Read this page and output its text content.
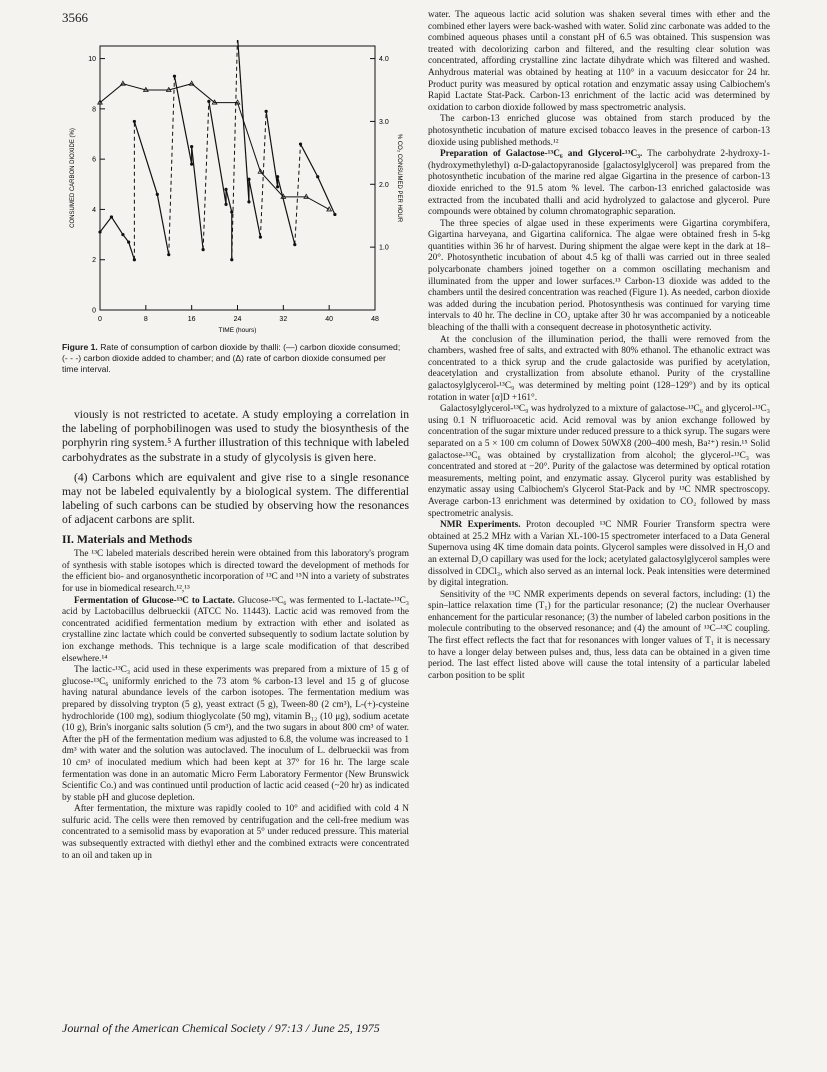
3566
0	8	16	24	32	40	48
0
2
4
6
8
10
1.0
2.0
3.0
4.0
TIME (hours)
CONSUMED CARBON DIOXIDE (%)	% CO₂ CONSUMED PER HOUR
Figure 1. Rate of consumption of carbon dioxide by thalli: (—) carbon dioxide consumed; (- - -) carbon dioxide added to chamber; and (Δ) rate of carbon dioxide consumed per time interval.

viously is not restricted to acetate. A study employing a correlation in the labeling of porphobilinogen was used to study the biosynthesis of the porphyrin ring system.⁵ A further illustration of this technique with labeled carbohydrates as the substrate in a study of glycolysis is given here.

(4) Carbons which are equivalent and give rise to a single resonance may not be labeled equivalently by a biological system. The differential labeling of such carbons can be studied by observing how the resonances of adjacent carbons are split.

II. Materials and Methods

The ¹³C labeled materials described herein were obtained from this laboratory's program of synthesis with stable isotopes which is directed toward the development of methods for the efficient bio- and organosynthetic incorporation of ¹³C and ¹⁵N into a variety of substrates for use in biomedical research.¹²,¹³

Fermentation of Glucose-¹³C to Lactate. Glucose-¹³C₆ was fermented to L-lactate-¹³C₃ acid by Lactobacillus delbrueckii (ATCC No. 11443). Lactic acid was removed from the concentrated acidified fermentation medium by extraction with ether and isolated as crystalline zinc lactate which could be converted subsequently to sodium lactate solution by ion exchange methods. This technique is a large scale modification of that described elsewhere.¹⁴

The lactic-¹³C₃ acid used in these experiments was prepared from a mixture of 15 g of glucose-¹³C₆ uniformly enriched to the 73 atom % carbon-13 level and 15 g of glucose having natural abundance levels of the carbon isotopes. The fermentation medium was prepared by dissolving trypton (5 g), yeast extract (5 g), Tween-80 (2 cm³), L-(+)-cysteine hydrochloride (100 mg), sodium thioglycolate (50 mg), vitamin B₁₂ (10 μg), sodium acetate (10 g), Brin's inorganic salts solution (5 cm³), and the two sugars in about 800 cm³ of water. After the pH of the fermentation medium was adjusted to 6.8, the volume was increased to 1 dm³ with water and the solution was autoclaved. The inoculum of L. delbrueckii was from 10 cm³ of inoculated medium which had been kept at 37° for 16 hr. The large scale fermentation was done in an automatic Micro Ferm Laboratory Fermentor (New Brunswick Scientific Co.) and was continued until production of lactic acid ceased (~20 hr) as indicated by stable pH and glucose depletion.

After fermentation, the mixture was rapidly cooled to 10° and acidified with cold 4 N sulfuric acid. The cells were then removed by centrifugation and the cell-free medium was concentrated to a semisolid mass by evaporation at 5° under reduced pressure. This material was subsequently extracted with diethyl ether and the combined extracts were concentrated to an oil and taken up in

water. The aqueous lactic acid solution was shaken several times with ether and the combined ether layers were back-washed with water. Solid zinc carbonate was added to the combined aqueous phases until a constant pH of 6.5 was obtained. This suspension was treated with decolorizing carbon and filtered, and the resulting clear solution was concentrated, affording crystalline zinc lactate dihydrate which was filtered and washed. Anhydrous material was obtained by heating at 110° in a vacuum desiccator for 24 hr. Product purity was measured by optical rotation and enzymatic assay using Calbiochem's Rapid Lactate Stat-Pack. Carbon-13 enrichment of the lactic acid was determined by oxidation to carbon dioxide followed by mass spectrometric analysis.

The carbon-13 enriched glucose was obtained from starch produced by the photosynthetic incubation of mature excised tobacco leaves in the presence of carbon-13 dioxide using published methods.¹²

Preparation of Galactose-¹³C₆ and Glycerol-¹³C₃. The carbohydrate 2-hydroxy-1-(hydroxymethylethyl) α-D-galactopyranoside [galactosylglycerol] was prepared from the photosynthetic incubation of the marine red algae Gigartina in the presence of carbon-13 dioxide enriched to the 91.5 atom % level. The carbon-13 enriched galactoside was extracted from the incubated thalli and acid hydrolyzed to galactose and glycerol. Pure compounds were obtained by column chromatographic separation.

The three species of algae used in these experiments were Gigartina corymbifera, Gigartina harveyana, and Gigartina californica. The algae were obtained fresh in 5-kg quantities within 36 hr of harvest. During shipment the algae were kept in the dark at 18–20°. Photosynthetic incubation of about 4.5 kg of thalli was carried out in three sealed polycarbonate chambers joined together on a common oscillating mechanism and illuminated from the upper and lower surfaces.¹³ Carbon-13 dioxide was added to the chambers until the desired concentration was reached (Figure 1). As needed, carbon dioxide was added during the incubation period. Photosynthesis was continued for varying time intervals to 40 hr. The decline in CO₂ uptake after 30 hr was accompanied by a noticeable bleaching of the thalli with a consequent decrease in photosynthetic activity.

At the conclusion of the illumination period, the thalli were removed from the chambers, washed free of salts, and extracted with 80% ethanol. The ethanolic extract was concentrated to a thick syrup and the crude galactoside was purified by acetylation, deacetylation and crystallization from absolute ethanol. Purity of the crystalline galactosylglycerol-¹³C₉ was determined by melting point (128–129°) and by its optical rotation in water [α]D +161°.

Galactosylglycerol-¹³C₉ was hydrolyzed to a mixture of galactose-¹³C₆ and glycerol-¹³C₃ using 0.1 N trifluoroacetic acid. Acid removal was by anion exchange followed by concentration of the sugar mixture under reduced pressure to a thick syrup. The sugars were separated on a 5 × 100 cm column of Dowex 50WX8 (200–400 mesh, Ba²⁺) resin.¹⁵ Solid galactose-¹³C₆ was obtained by crystallization from alcohol; the glycerol-¹³C₃ was concentrated and stored at −20°. Purity of the galactose was determined by optical rotation measurements, melting point, and enzymatic assay. Glycerol purity was established by enzymatic assay using Calbiochem's Glycerol Stat-Pack and by ¹³C NMR spectroscopy. Average carbon-13 enrichment was determined by oxidation to CO₂ followed by mass spectrometric analysis.

NMR Experiments. Proton decoupled ¹³C NMR Fourier Transform spectra were obtained at 25.2 MHz with a Varian XL-100-15 spectrometer interfaced to a Data General Supernova using 4K time domain data points. Glycerol samples were dissolved in H₂O and an external D₂O capillary was used for the lock; acetylated galactosylglycerol samples were dissolved in CDCl₃, which also served as an internal lock. Peak intensities were determined by digital integration.

Sensitivity of the ¹³C NMR experiments depends on several factors, including: (1) the spin–lattice relaxation time (T₁) for the particular resonance; (2) the nuclear Overhauser enhancement for the particular resonance; (3) the number of labeled carbon positions in the molecule contributing to the observed resonance; and (4) the amount of ¹³C–¹³C coupling. The first effect reflects the fact that for resonances with longer values of T₁ it is necessary to have a longer delay between pulses and, thus, less data can be obtained in a given time period. The last effect listed above will cause the total intensity of a particular labeled carbon position to be split

Journal of the American Chemical Society / 97:13 / June 25, 1975
